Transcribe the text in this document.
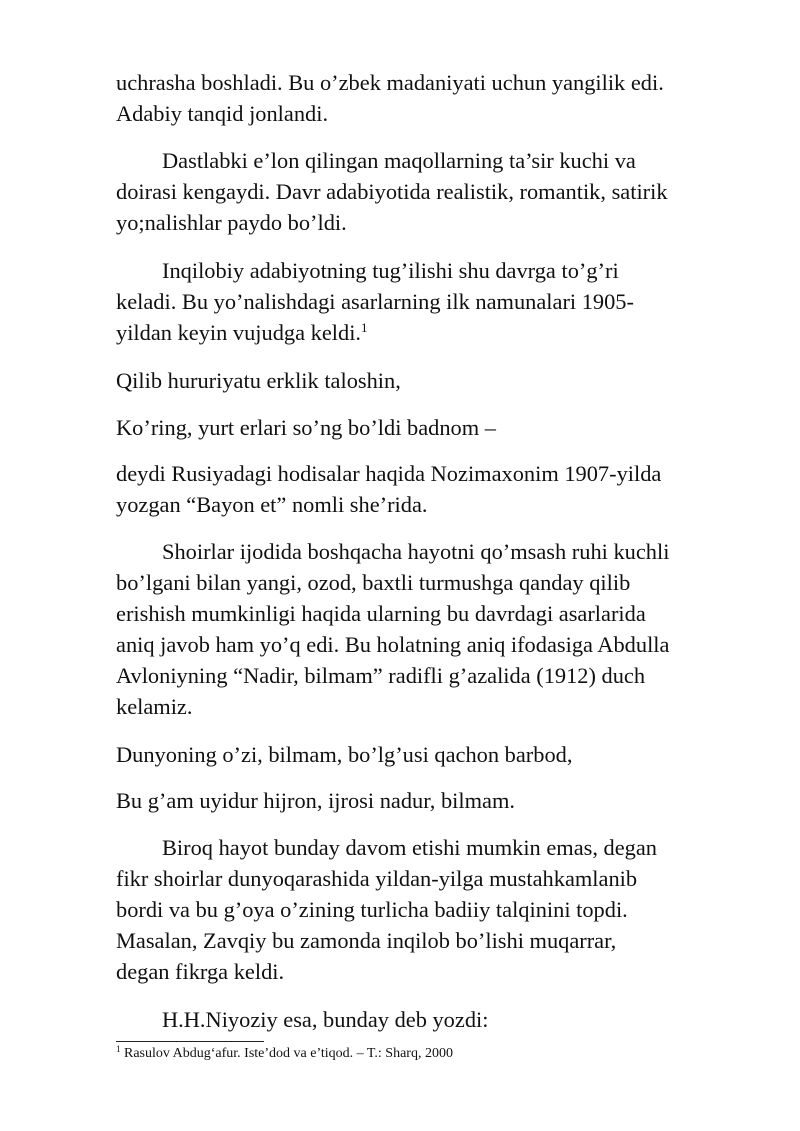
uchrasha boshladi. Bu o’zbek madaniyati uchun yangilik edi.
Adabiy tanqid jonlandi.

Dastlabki e’lon qilingan maqollarning ta’sir kuchi va
doirasi kengaydi. Davr adabiyotida realistik, romantik, satirik
yo;nalishlar paydo bo’ldi.

Inqilobiy adabiyotning tug’ilishi shu davrga to’g’ri
keladi. Bu yo’nalishdagi asarlarning ilk namunalari 1905-
yildan keyin vujudga keldi.$^1$

Qilib hururiyatu erklik taloshin,

Ko’ring, yurt erlari so’ng bo’ldi badnom –

deydi Rusiyadagi hodisalar haqida Nozimaxonim 1907-yilda
yozgan “Bayon et” nomli she’rida.

Shoirlar ijodida boshqacha hayotni qo’msash ruhi kuchli
bo’lgani bilan yangi, ozod, baxtli turmushga qanday qilib
erishish mumkinligi haqida ularning bu davrdagi asarlarida
aniq javob ham yo’q edi. Bu holatning aniq ifodasiga Abdulla
Avloniyning “Nadir, bilmam” radifli g’azalida (1912) duch
kelamiz.

Dunyoning o’zi, bilmam, bo’lg’usi qachon barbod,

Bu g’am uyidur hijron, ijrosi nadur, bilmam.

Biroq hayot bunday davom etishi mumkin emas, degan
fikr shoirlar dunyoqarashida yildan-yilga mustahkamlanib
bordi va bu g’oya o’zining turlicha badiiy talqinini topdi.
Masalan, Zavqiy bu zamonda inqilob bo’lishi muqarrar,
degan fikrga keldi.

H.H.Niyoziy esa, bunday deb yozdi:

$^1$ Rasulov Abdug‘afur. Iste’dod va e’tiqod. – T.: Sharq, 2000
